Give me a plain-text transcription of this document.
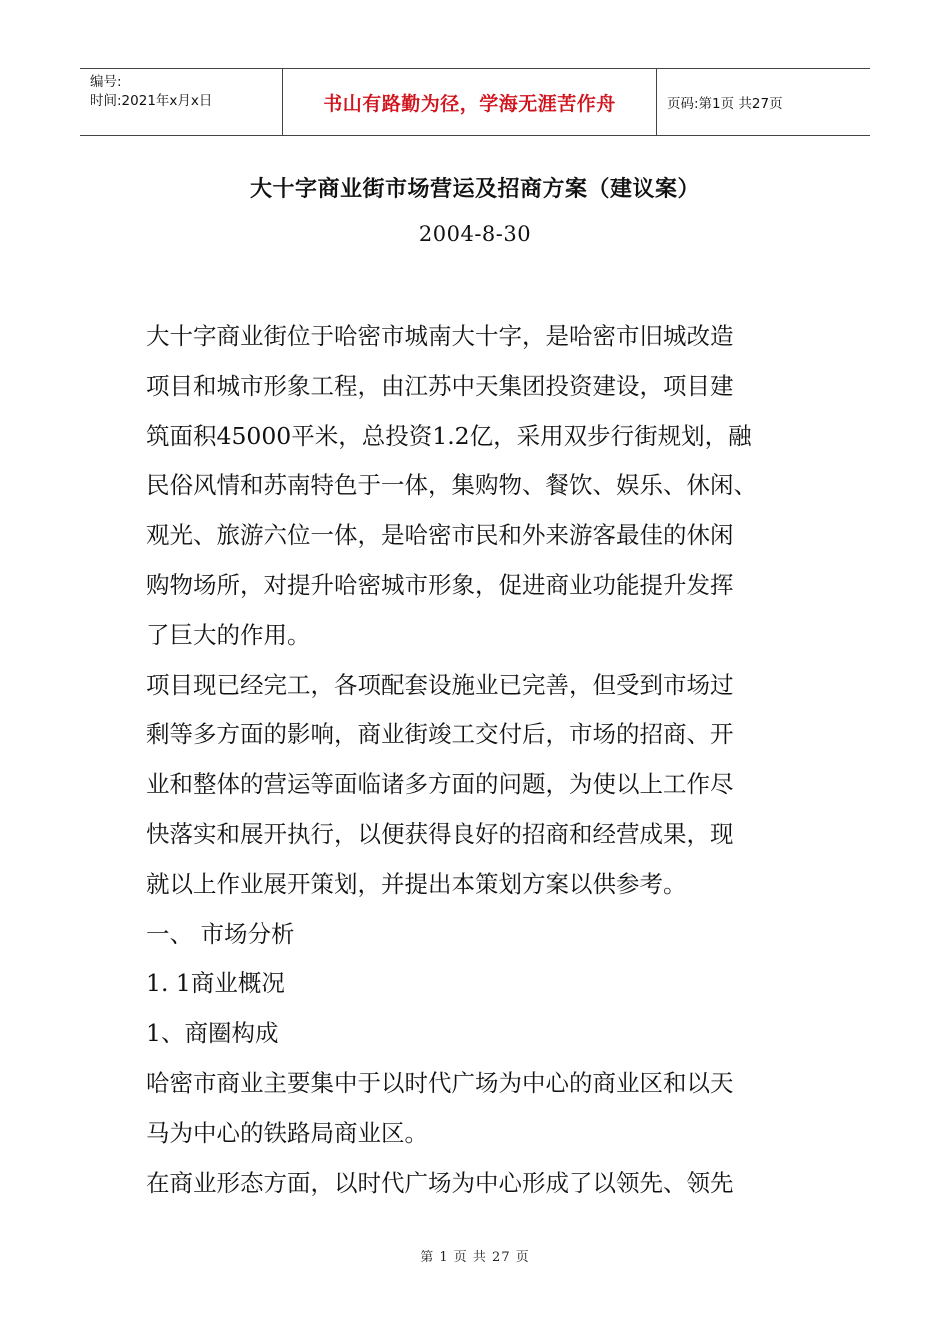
编号:
时间:2021年x月x日	书山有路勤为径，学海无涯苦作舟	页码:第1页 共27页
大十字商业街市场营运及招商方案（建议案）
2004-8-30
大十字商业街位于哈密市城南大十字，是哈密市旧城改造
项目和城市形象工程，由江苏中天集团投资建设，项目建
筑面积45000平米，总投资1.2亿，采用双步行街规划，融
民俗风情和苏南特色于一体，集购物、餐饮、娱乐、休闲、
观光、旅游六位一体，是哈密市民和外来游客最佳的休闲
购物场所，对提升哈密城市形象，促进商业功能提升发挥
了巨大的作用。
项目现已经完工，各项配套设施业已完善，但受到市场过
剩等多方面的影响，商业街竣工交付后，市场的招商、开
业和整体的营运等面临诸多方面的问题，为使以上工作尽
快落实和展开执行，以便获得良好的招商和经营成果，现
就以上作业展开策划，并提出本策划方案以供参考。
一、 市场分析
1. 1商业概况
1、商圈构成
哈密市商业主要集中于以时代广场为中心的商业区和以天
马为中心的铁路局商业区。
在商业形态方面，以时代广场为中心形成了以领先、领先
第 1 页 共 27 页
